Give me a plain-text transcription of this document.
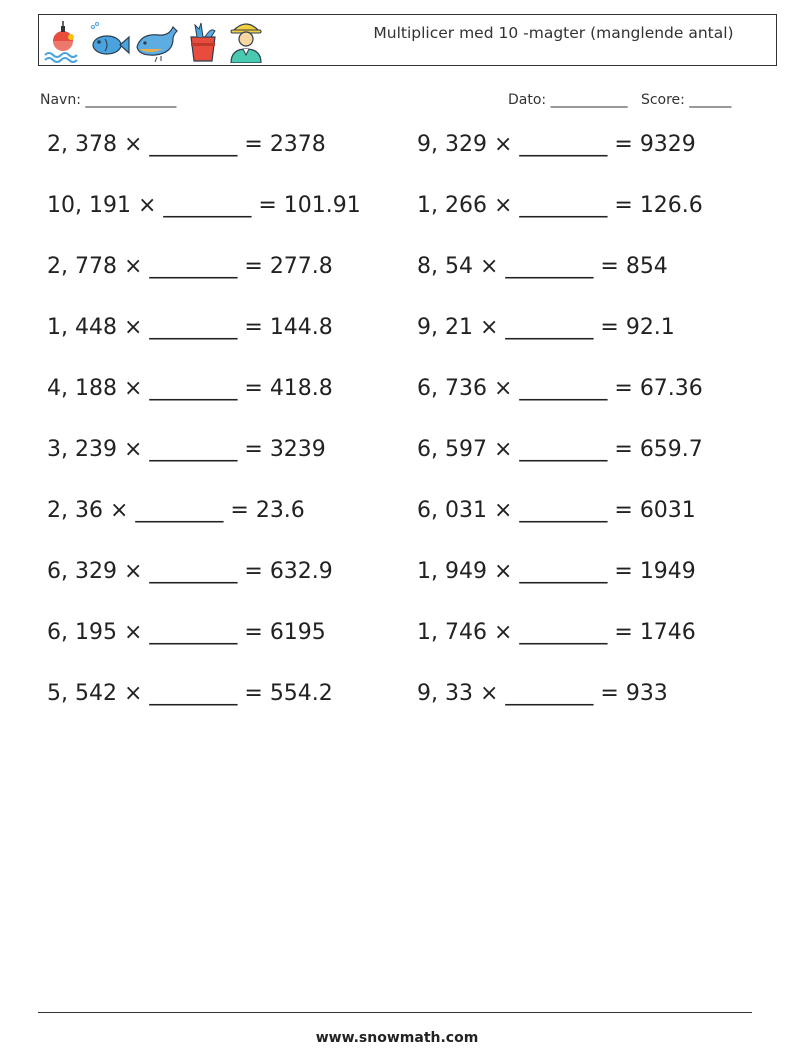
Multiplicer med 10 -magter (manglende antal)
Navn: _____________	Dato: ___________ Score: ______
2, 378 × ________ = 2378	9, 329 × ________ = 9329
10, 191 × ________ = 101.91	1, 266 × ________ = 126.6
2, 778 × ________ = 277.8	8, 54 × ________ = 854
1, 448 × ________ = 144.8	9, 21 × ________ = 92.1
4, 188 × ________ = 418.8	6, 736 × ________ = 67.36
3, 239 × ________ = 3239	6, 597 × ________ = 659.7
2, 36 × ________ = 23.6	6, 031 × ________ = 6031
6, 329 × ________ = 632.9	1, 949 × ________ = 1949
6, 195 × ________ = 6195	1, 746 × ________ = 1746
5, 542 × ________ = 554.2	9, 33 × ________ = 933
www.snowmath.com
